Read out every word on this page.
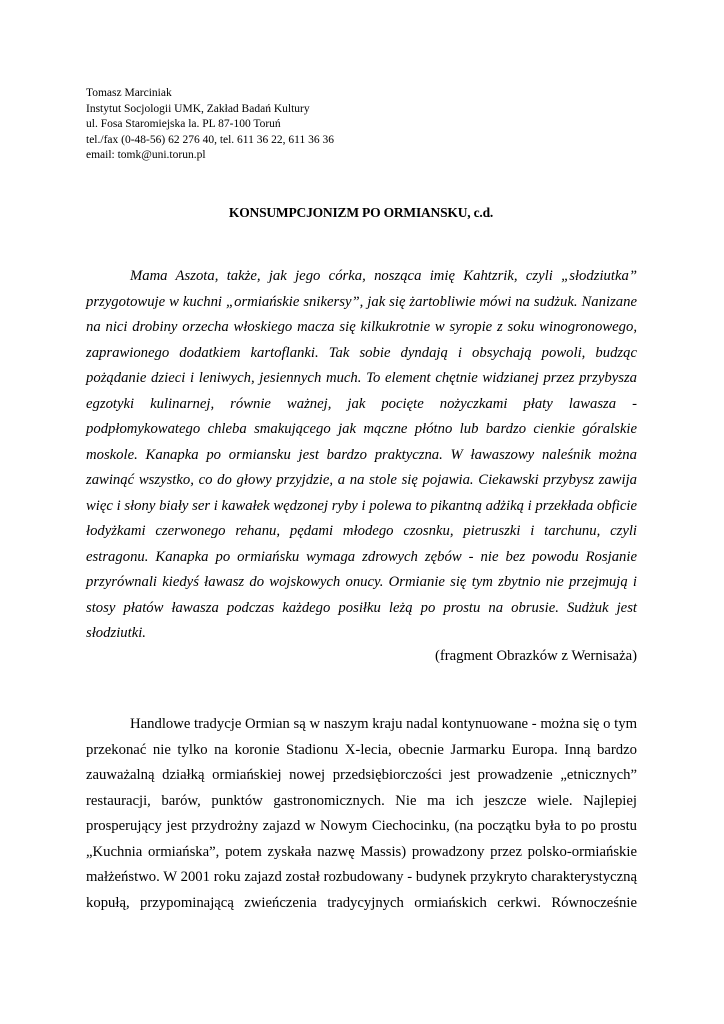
Tomasz Marciniak
Instytut Socjologii UMK, Zakład Badań Kultury
ul. Fosa Staromiejska la. PL 87-100 Toruń
tel./fax (0-48-56) 62 276 40, tel. 611 36 22, 611 36 36
email: tomk@uni.torun.pl
KONSUMPCJONIZM PO ORMIANSKU, c.d.
Mama Aszota, także, jak jego córka, nosząca imię Kahtzrik, czyli „słodziutka”
przygotowuje w kuchni „ormiańskie snikersy”, jak się żartobliwie mówi na sudżuk. Nanizane
na nici drobiny orzecha włoskiego macza się kilkukrotnie w syropie z soku winogronowego,
zaprawionego dodatkiem kartoflanki. Tak sobie dyndają i obsychają powoli, budząc
pożądanie dzieci i leniwych, jesiennych much. To element chętnie widzianej przez przybysza
egzotyki kulinarnej, równie ważnej, jak pocięte nożyczkami płaty lawasza -
podpłomykowatego chleba smakującego jak mączne płótno lub bardzo cienkie góralskie
moskole. Kanapka po ormiansku jest bardzo praktyczna. W ławaszowy naleśnik można
zawinąć wszystko, co do głowy przyjdzie, a na stole się pojawia. Ciekawski przybysz zawija
więc i słony biały ser i kawałek wędzonej ryby i polewa to pikantną adżiką i przekłada obficie
łodyżkami czerwonego rehanu, pędami młodego czosnku, pietruszki i tarchunu, czyli
estragonu. Kanapka po ormiańsku wymaga zdrowych zębów - nie bez powodu Rosjanie
przyrównali kiedyś ławasz do wojskowych onucy. Ormianie się tym zbytnio nie przejmują i
stosy płatów ławasza podczas każdego posiłku leżą po prostu na obrusie. Sudżuk jest
słodziutki.
(fragment Obrazków z Wernisaża)
Handlowe tradycje Ormian są w naszym kraju nadal kontynuowane - można się o tym
przekonać nie tylko na koronie Stadionu X-lecia, obecnie Jarmarku Europa. Inną bardzo
zauważalną działką ormiańskiej nowej przedsiębiorczości jest prowadzenie „etnicznych”
restauracji, barów, punktów gastronomicznych. Nie ma ich jeszcze wiele. Najlepiej
prosperujący jest przydrożny zajazd w Nowym Ciechocinku, (na początku była to po prostu
„Kuchnia ormiańska”, potem zyskała nazwę Massis) prowadzony przez polsko-ormiańskie
małżeństwo. W 2001 roku zajazd został rozbudowany - budynek przykryto charakterystyczną
kopułą, przypominającą zwieńczenia tradycyjnych ormiańskich cerkwi. Równocześnie
